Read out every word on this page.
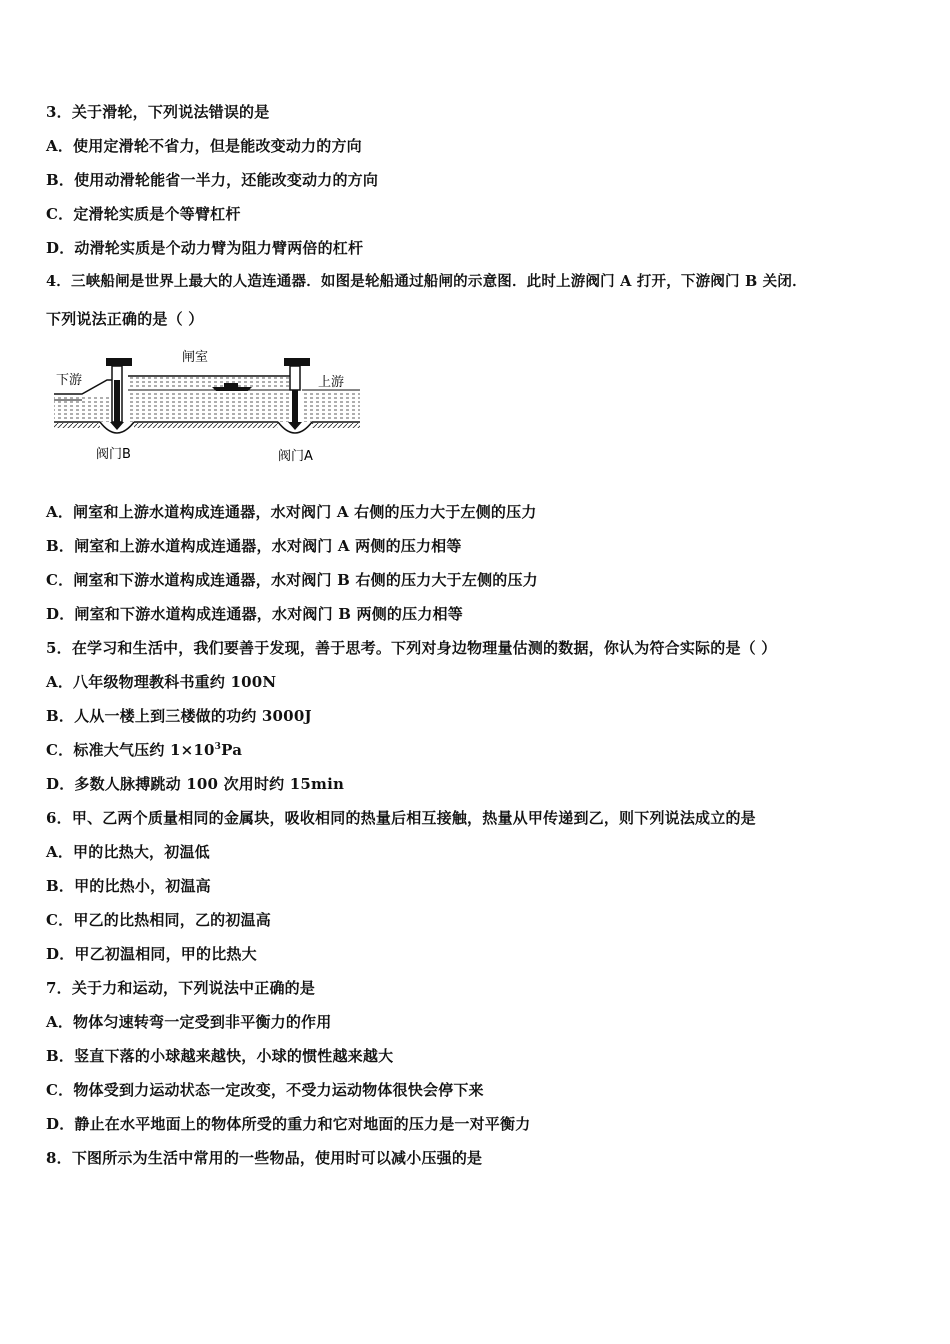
3．关于滑轮，下列说法错误的是
A．使用定滑轮不省力，但是能改变动力的方向
B．使用动滑轮能省一半力，还能改变动力的方向
C．定滑轮实质是个等臂杠杆
D．动滑轮实质是个动力臂为阻力臂两倍的杠杆
4．三峡船闸是世界上最大的人造连通器．如图是轮船通过船闸的示意图．此时上游阀门 A 打开，下游阀门 B 关闭．
下列说法正确的是（ ）
闸室
下游	上游
阀门B	阀门A
A．闸室和上游水道构成连通器，水对阀门 A 右侧的压力大于左侧的压力
B．闸室和上游水道构成连通器，水对阀门 A 两侧的压力相等
C．闸室和下游水道构成连通器，水对阀门 B 右侧的压力大于左侧的压力
D．闸室和下游水道构成连通器，水对阀门 B 两侧的压力相等
5．在学习和生活中，我们要善于发现，善于思考。下列对身边物理量估测的数据，你认为符合实际的是（ ）
A．八年级物理教科书重约 100N
B．人从一楼上到三楼做的功约 3000J
C．标准大气压约 $1\times 10^3Pa$
D．多数人脉搏跳动 100 次用时约 15min
6．甲、乙两个质量相同的金属块，吸收相同的热量后相互接触，热量从甲传递到乙，则下列说法成立的是
A．甲的比热大，初温低
B．甲的比热小，初温高
C．甲乙的比热相同，乙的初温高
D．甲乙初温相同，甲的比热大
7．关于力和运动，下列说法中正确的是
A．物体匀速转弯一定受到非平衡力的作用
B．竖直下落的小球越来越快，小球的惯性越来越大
C．物体受到力运动状态一定改变，不受力运动物体很快会停下来
D．静止在水平地面上的物体所受的重力和它对地面的压力是一对平衡力
8．下图所示为生活中常用的一些物品，使用时可以减小压强的是
